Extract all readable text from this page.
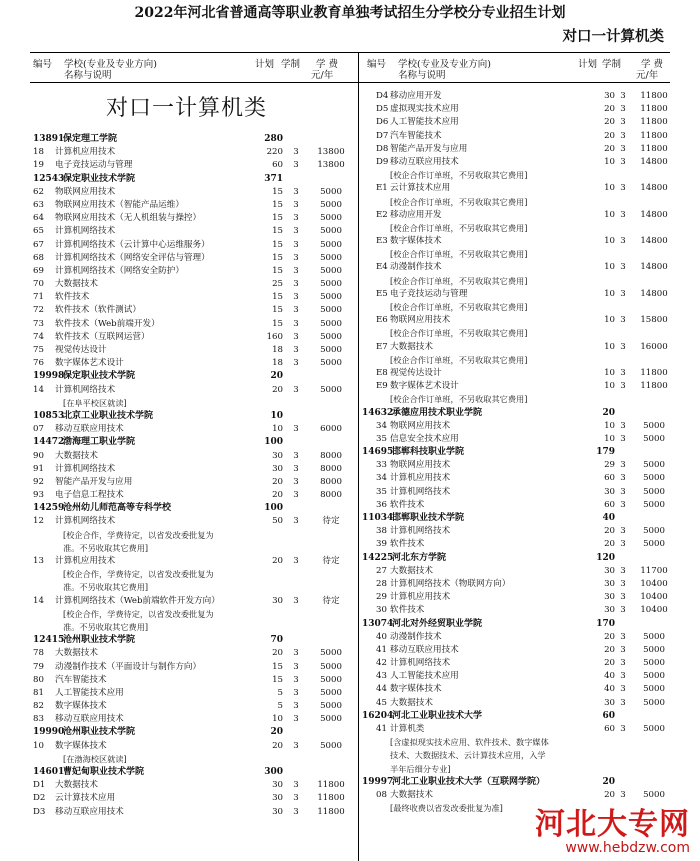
2022年河北省普通高等职业教育单独考试招生分学校分专业招生计划
对口一计算机类
编号 学校(专业及专业方向)
名称与说明
计划 学制 学 费
元/年
编号 学校(专业及专业方向)
名称与说明
计划 学制 学 费
元/年
对口一计算机类
13891
保定理工学院	280
18 计算机应用技术	220	3	13800
19 电子竞技运动与管理	60	3	13800
12543
保定职业技术学院	371
62 物联网应用技术	15	3	5000
63 物联网应用技术（智能产品运维）	15	3	5000
64 物联网应用技术（无人机组装与操控）	15	3	5000
65 计算机网络技术	15	3	5000
67 计算机网络技术（云计算中心运维服务）	15	3	5000
68 计算机网络技术（网络安全评估与管理）	15	3	5000
69 计算机网络技术（网络安全防护）	15	3	5000
70 大数据技术	25	3	5000
71 软件技术	15	3	5000
72 软件技术（软件测试）	15	3	5000
73 软件技术（Web前端开发）	15	3	5000
74 软件技术（互联网运营）	160	3	5000
75 视觉传达设计	18	3	5000
76 数字媒体艺术设计	18	3	5000
19998
保定职业技术学院	20
14 计算机网络技术	20	3	5000
[在阜平校区就读]
10853
北京工业职业技术学院	10
07 移动互联应用技术	10	3	6000
14472
渤海理工职业学院	100
90 大数据技术	30	3	8000
91 计算机网络技术	30	3	8000
92 智能产品开发与应用	20	3	8000
93 电子信息工程技术	20	3	8000
14259
沧州幼儿师范高等专科学校	100
12 计算机网络技术	50	3	待定
[校企合作，学费待定，以省发改委批复为
准。不另收取其它费用]
13 计算机应用技术	20	3	待定
[校企合作，学费待定，以省发改委批复为
准。不另收取其它费用]
14 计算机网络技术（Web前端软件开发方向）	30	3	待定
[校企合作，学费待定，以省发改委批复为
准。不另收取其它费用]
12415
沧州职业技术学院	70
78 大数据技术	20	3	5000
79 动漫制作技术（平面设计与制作方向）	15	3	5000
80 汽车智能技术	15	3	5000
81 人工智能技术应用	5	3	5000
82 数字媒体技术	5	3	5000
83 移动互联应用技术	10	3	5000
19990
沧州职业技术学院	20
10 数字媒体技术	20	3	5000
[在渤海校区就读]
14601
曹妃甸职业技术学院	300
D1 大数据技术	30	3	11800
D2 云计算技术应用	30	3	11800
D3 移动互联应用技术	30	3	11800
D4 移动应用开发	30 3	11800
D5 虚拟现实技术应用	20 3	11800
D6 人工智能技术应用	20 3	11800
D7 汽车智能技术	20 3	11800
D8 智能产品开发与应用	20 3	11800
D9 移动互联应用技术	10 3	14800
[校企合作订单班，不另收取其它费用]
E1 云计算技术应用	10 3	14800
[校企合作订单班，不另收取其它费用]
E2 移动应用开发	10 3	14800
[校企合作订单班，不另收取其它费用]
E3 数字媒体技术	10 3	14800
[校企合作订单班，不另收取其它费用]
E4 动漫制作技术	10 3	14800
[校企合作订单班，不另收取其它费用]
E5 电子竞技运动与管理	10 3	14800
[校企合作订单班，不另收取其它费用]
E6 物联网应用技术	10 3	15800
[校企合作订单班，不另收取其它费用]
E7 大数据技术	10 3	16000
[校企合作订单班，不另收取其它费用]
E8 视觉传达设计	10 3	11800
E9 数字媒体艺术设计	10 3	11800
[校企合作订单班，不另收取其它费用]
14632
承德应用技术职业学院	20
34 物联网应用技术	10 3	5000
35 信息安全技术应用	10 3	5000
14695
邯郸科技职业学院	179
33 物联网应用技术	29 3	5000
34 计算机应用技术	60 3	5000
35 计算机网络技术	30 3	5000
36 软件技术	60 3	5000
11034
邯郸职业技术学院	40
38 计算机网络技术	20 3	5000
39 软件技术	20 3	5000
14225
河北东方学院	120
27 大数据技术	30 3	11700
28 计算机网络技术（物联网方向）	30 3	10400
29 计算机应用技术	30 3	10400
30 软件技术	30 3	10400
13074
河北对外经贸职业学院	170
40 动漫制作技术	20 3	5000
41 移动互联应用技术	20 3	5000
42 计算机网络技术	20 3	5000
43 人工智能技术应用	40 3	5000
44 数字媒体技术	40 3	5000
45 大数据技术	30 3	5000
16204
河北工业职业技术大学	60
41 计算机类	60 3	5000
[含虚拟现实技术应用、软件技术、数字媒体
技术、大数据技术、云计算技术应用，入学
半年后细分专业]
19997
河北工业职业技术大学（互联网学院）	20
08 大数据技术	20 3	5000
[最终收费以省发改委批复为准] 河北大专网
www.hebdzw.com
